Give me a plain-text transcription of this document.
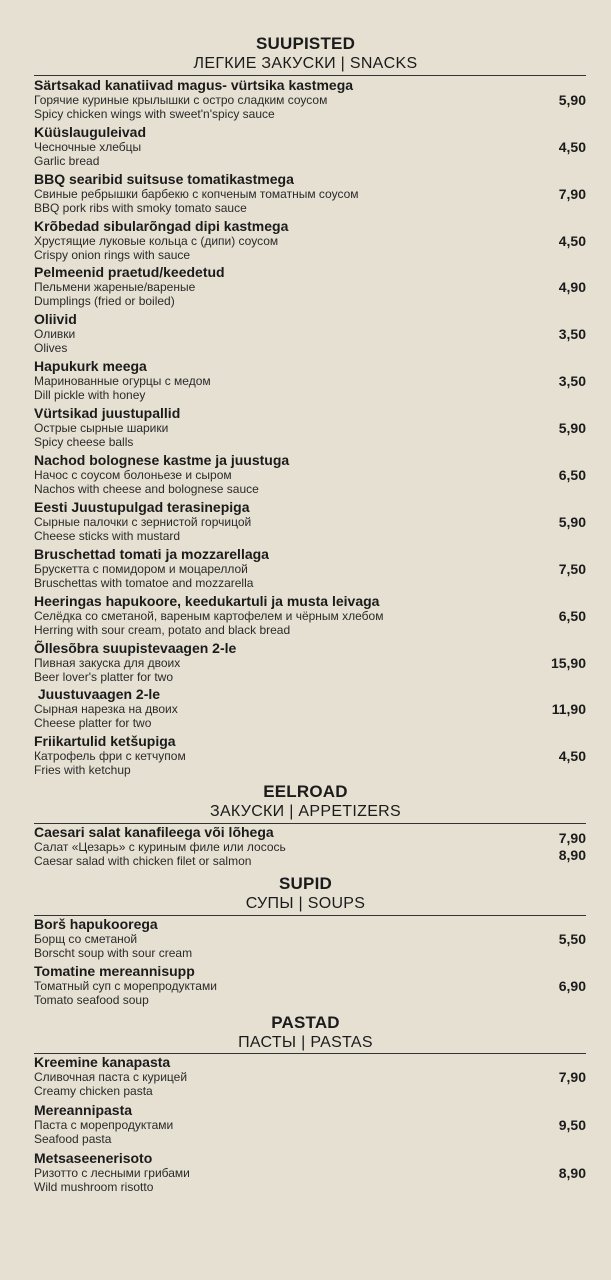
SUUPISTED
ЛЕГКИЕ ЗАКУСКИ | SNACKS
Särtsakad kanatiivad magus- vürtsika kastmega
Горячие куриные крылышки с остро сладким соусом
Spicy chicken wings with sweet'n'spicy sauce
5,90
Küüslauguleivad
Чесночные хлебцы
Garlic bread
4,50
BBQ searibid suitsuse tomatikastmega
Свиные ребрышки барбекю с копченым томатным соусом
BBQ pork ribs with smoky tomato sauce
7,90
Krõbedad sibularõngad dipi kastmega
Хрустящие луковые кольца с (дипи) соусом
Crispy onion rings with sauce
4,50
Pelmeenid praetud/keedetud
Пельмени жареные/вареные
Dumplings (fried or boiled)
4,90
Oliivid
Оливки
Olives
3,50
Hapukurk meega
Маринованные огурцы с медом
Dill pickle with honey
3,50
Vürtsikad juustupallid
Острые сырные шарики
Spicy cheese balls
5,90
Nachod bolognese kastme ja juustuga
Начос с соусом болоньезе и сыром
Nachos with cheese and bolognese sauce
6,50
Eesti Juustupulgad terasinepiga
Сырные палочки с зернистой горчицой
Cheese sticks with mustard
5,90
Bruschettad tomati ja mozzarellaga
Брускетта с помидором и моцареллой
Bruschettas with tomatoe and mozzarella
7,50
Heeringas hapukoore, keedukartuli ja musta leivaga
Селёдка со сметаной, вареным картофелем и чёрным хлебом
Herring with sour cream, potato and black bread
6,50
Õllesõbra suupistevaagen 2-le
Пивная закуска для двоих
Beer lover's platter for two
15,90
Juustuvaagen 2-le
Сырная нарезка на двоих
Cheese platter for two
11,90
Friikartulid ketšupiga
Катрофель фри с кетчупом
Fries with ketchup
4,50
EELROAD
ЗАКУСКИ | APPETIZERS
Caesari salat kanafileega või lõhega
Салат «Цезарь» с куриным филе или лосось
Caesar salad with chicken filet or salmon
7,90
8,90
SUPID
СУПЫ | SOUPS
Borš hapukoorega
Борщ со сметаной
Borscht soup with sour cream
5,50
Tomatine mereannisupp
Томатный суп с морепродуктами
Tomato seafood soup
6,90
PASTAD
ПАСТЫ | PASTAS
Kreemine kanapasta
Сливочная паста с курицей
Creamy chicken pasta
7,90
Mereannipasta
Паста с морепродуктами
Seafood pasta
9,50
Metsaseenerisoto
Ризотто с лесными грибами
Wild mushroom risotto
8,90
